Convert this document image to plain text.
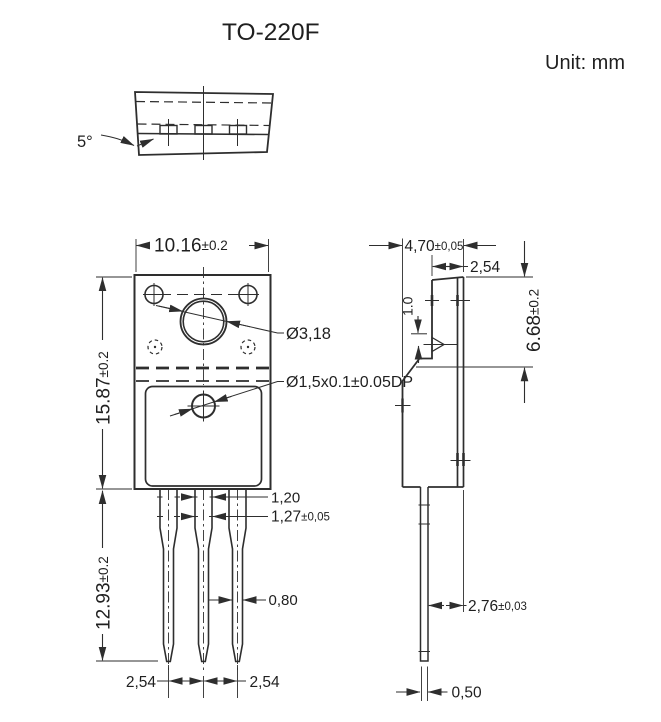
TO-220F
Unit: mm
5°
10.16±0.2
15.87±0.2
12.93±0.2
Ø3,18
Ø1,5x0.1±0.05DP
1,20
1,27±0,05
0,80
2,54	2,54
4,70±0,05
2,54
1.0
6.68±0.2
2,76±0,03
0,50
